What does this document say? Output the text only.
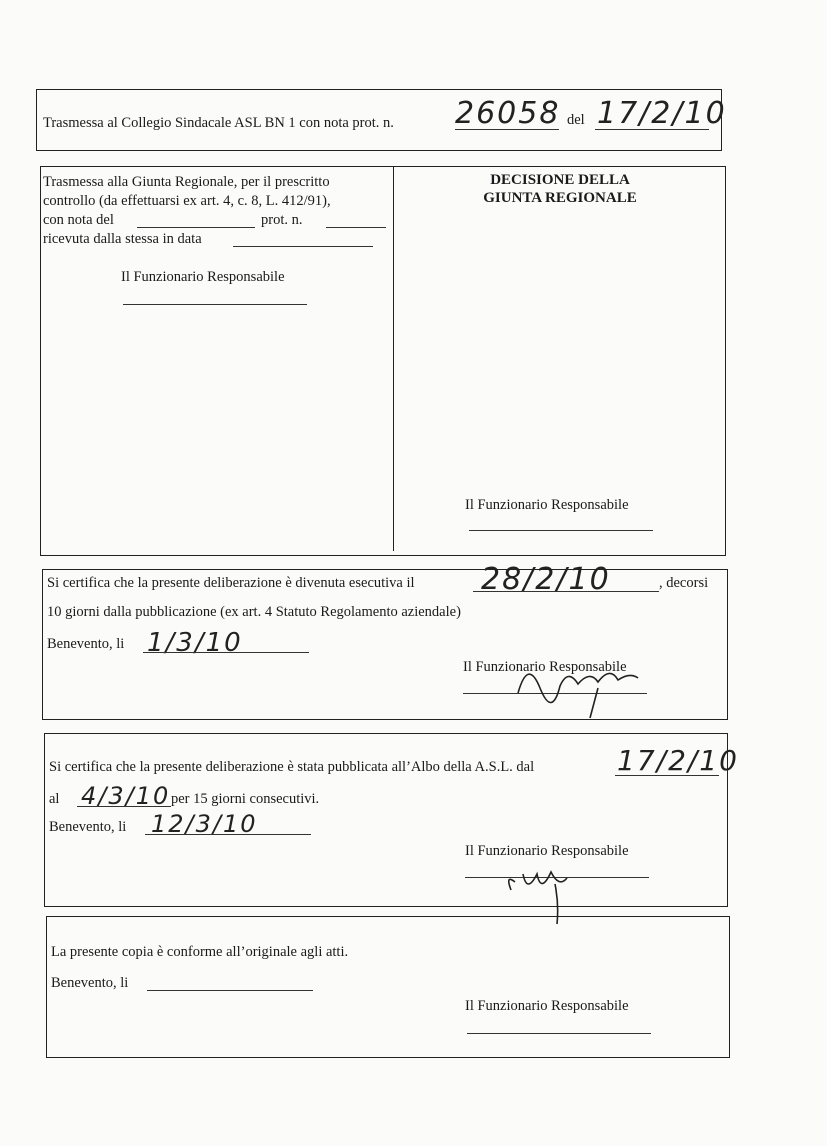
Trasmessa al Collegio Sindacale ASL BN 1 con nota prot. n. 26058 del 17/2/10
Trasmessa alla Giunta Regionale, per il prescritto
controllo (da effettuarsi ex art. 4, c. 8, L. 412/91),
con nota del	prot. n.
ricevuta dalla stessa in data
Il Funzionario Responsabile
DECISIONE DELLA
GIUNTA REGIONALE
Il Funzionario Responsabile
Si certifica che la presente deliberazione è divenuta esecutiva il 28/2/10	, decorsi
10 giorni dalla pubblicazione (ex art. 4 Statuto Regolamento aziendale)
Benevento, li 1/3/10
Il Funzionario Responsabile
Si certifica che la presente deliberazione è stata pubblicata all’Albo della A.S.L. dal	17/2/10
al 4/3/10 per 15 giorni consecutivi.
Benevento, li 12/3/10
Il Funzionario Responsabile
La presente copia è conforme all’originale agli atti.
Benevento, li
Il Funzionario Responsabile
